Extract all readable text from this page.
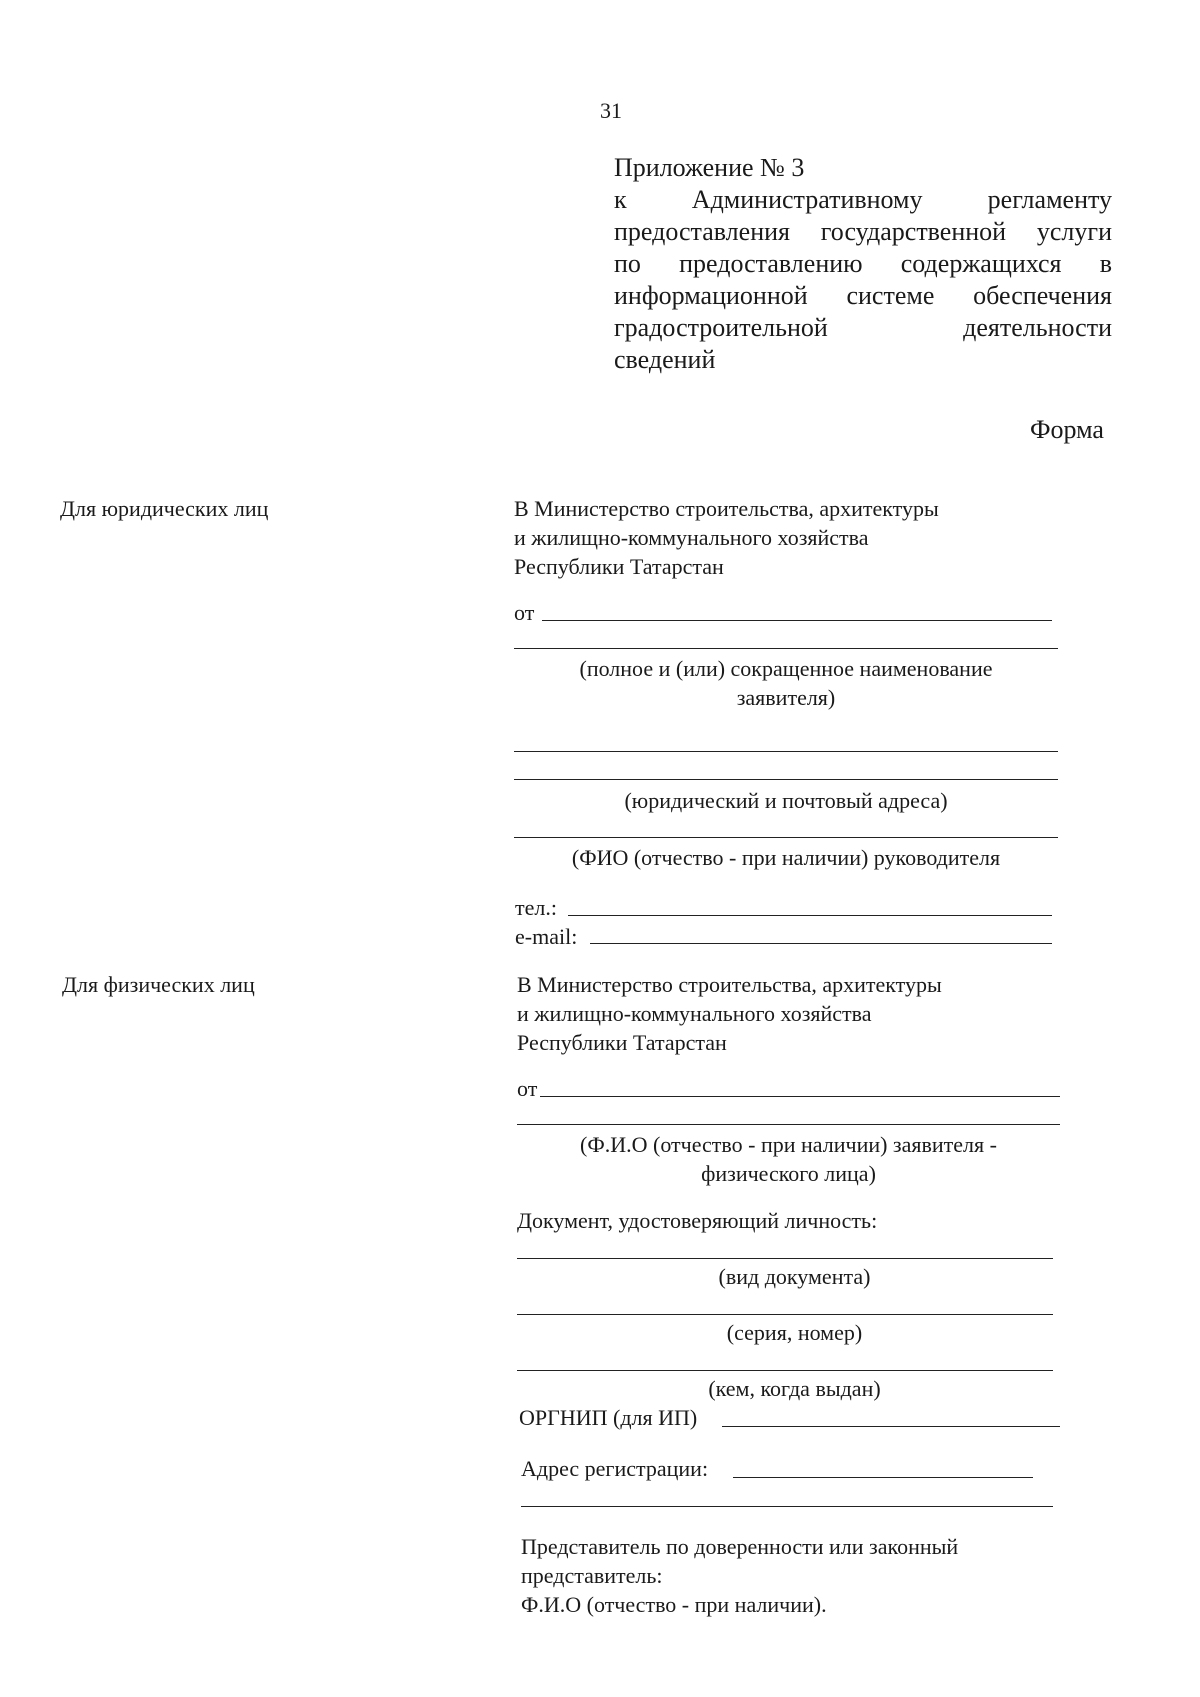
31
Приложение № 3
к Административному регламенту
предоставления государственной услуги
по предоставлению содержащихся в
информационной системе обеспечения
градостроительной деятельности
сведений
Форма
Для юридических лиц	В Министерство строительства, архитектуры
и жилищно-коммунального хозяйства
Республики Татарстан
от
(полное и (или) сокращенное наименование
заявителя)
(юридический и почтовый адреса)
(ФИО (отчество - при наличии) руководителя
тел.:
e-mail:
Для физических лиц	В Министерство строительства, архитектуры
и жилищно-коммунального хозяйства
Республики Татарстан
от
(Ф.И.О (отчество - при наличии) заявителя -
физического лица)
Документ, удостоверяющий личность:
(вид документа)
(серия, номер)
(кем, когда выдан)
ОРГНИП (для ИП)
Адрес регистрации:
Представитель по доверенности или законный
представитель:
Ф.И.О (отчество - при наличии).
